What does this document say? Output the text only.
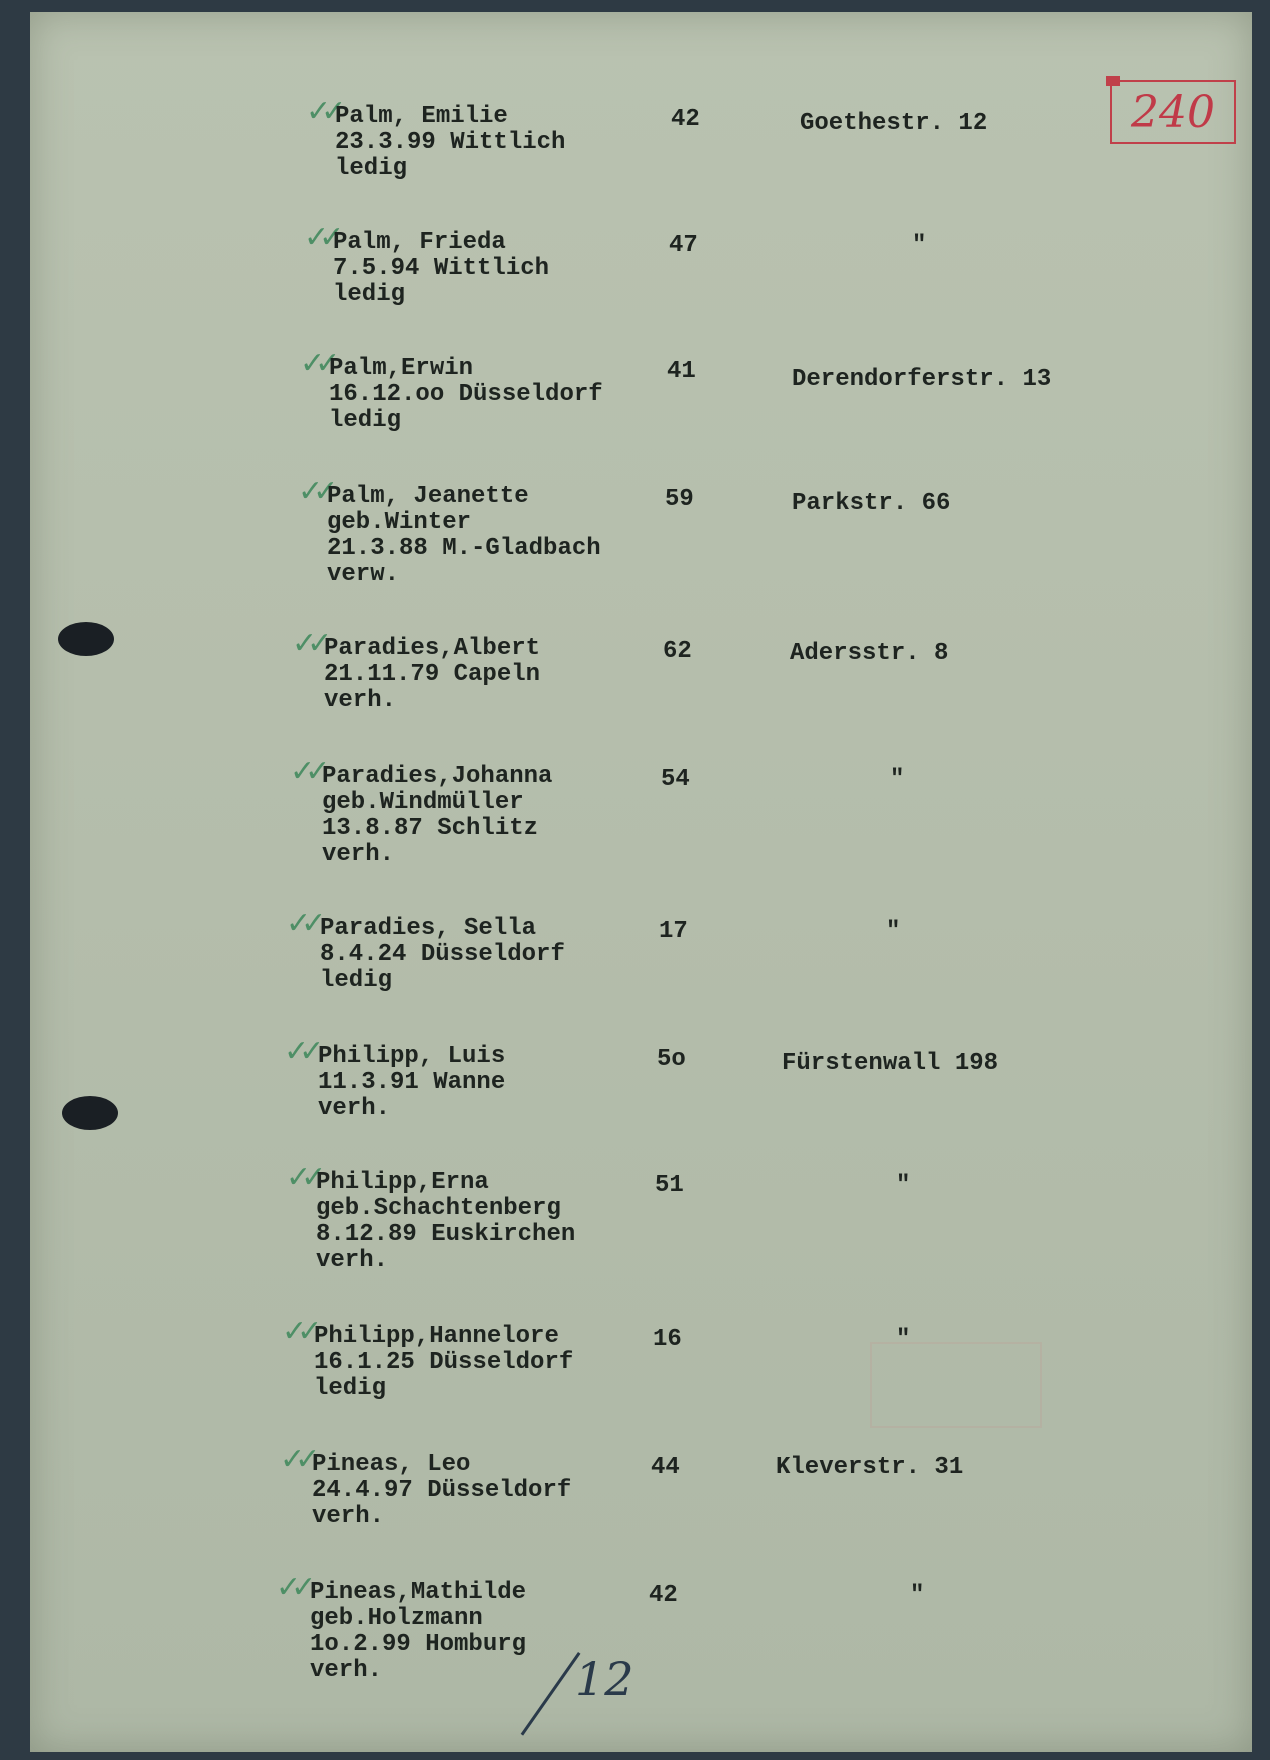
240
✓✓
Palm, Emilie
23.3.99 Wittlich
ledig

42	Goethestr. 12
✓✓
Palm, Frieda
7.5.94 Wittlich
ledig

47	"
✓✓
Palm,Erwin
16.12.oo Düsseldorf
ledig

41	Derendorferstr. 13
✓✓
Palm, Jeanette
geb.Winter
21.3.88 M.-Gladbach
verw.
59	Parkstr. 66
✓✓ Paradies,Albert
21.11.79 Capeln
verh.

62	Adersstr. 8
✓✓ Paradies,Johanna
geb.Windmüller
13.8.87 Schlitz
verh.
54	"
✓✓ Paradies, Sella
8.4.24 Düsseldorf
ledig

17	"
✓✓ Philipp, Luis
11.3.91 Wanne
verh.

5o	Fürstenwall 198
✓✓ Philipp,Erna
geb.Schachtenberg
8.12.89 Euskirchen
verh.
51	"
✓✓ Philipp,Hannelore
16.1.25 Düsseldorf
ledig

16	"
✓✓ Pineas, Leo
24.4.97 Düsseldorf
verh.

44	Kleverstr. 31
✓✓ Pineas,Mathilde
geb.Holzmann
1o.2.99 Homburg
verh.
42	"
12
